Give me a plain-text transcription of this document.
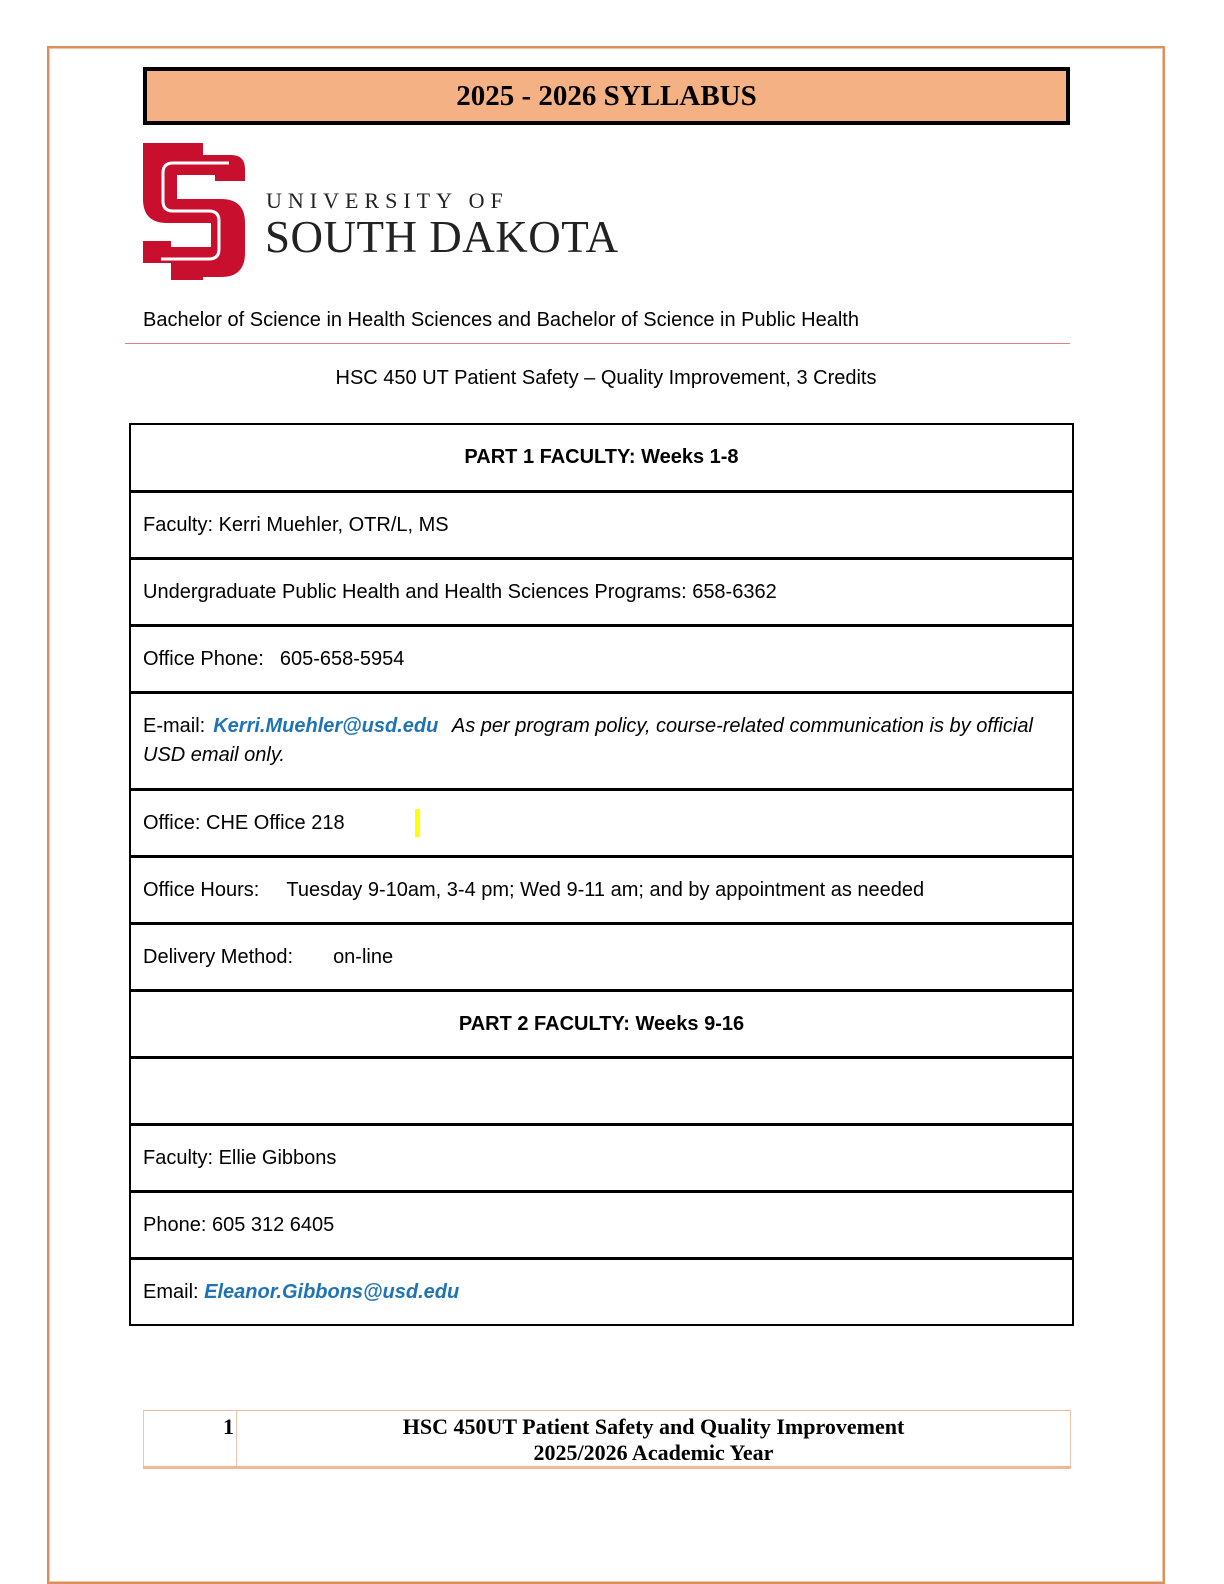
2025 - 2026 SYLLABUS
UNIVERSITY OF
SOUTH DAKOTA
Bachelor of Science in Health Sciences and Bachelor of Science in Public Health
HSC 450 UT Patient Safety – Quality Improvement, 3 Credits
PART 1 FACULTY: Weeks 1-8
Faculty: Kerri Muehler, OTR/L, MS
Undergraduate Public Health and Health Sciences Programs: 658-6362
Office Phone: 605-658-5954
E-mail: Kerri.Muehler@usd.edu As per program policy, course-related communication is by official USD email only.
Office: CHE Office 218
Office Hours: Tuesday 9-10am, 3-4 pm; Wed 9-11 am; and by appointment as needed
Delivery Method: on-line
PART 2 FACULTY: Weeks 9-16

Faculty: Ellie Gibbons
Phone: 605 312 6405
Email: Eleanor.Gibbons@usd.edu
1	HSC 450UT Patient Safety and Quality Improvement
2025/2026 Academic Year
